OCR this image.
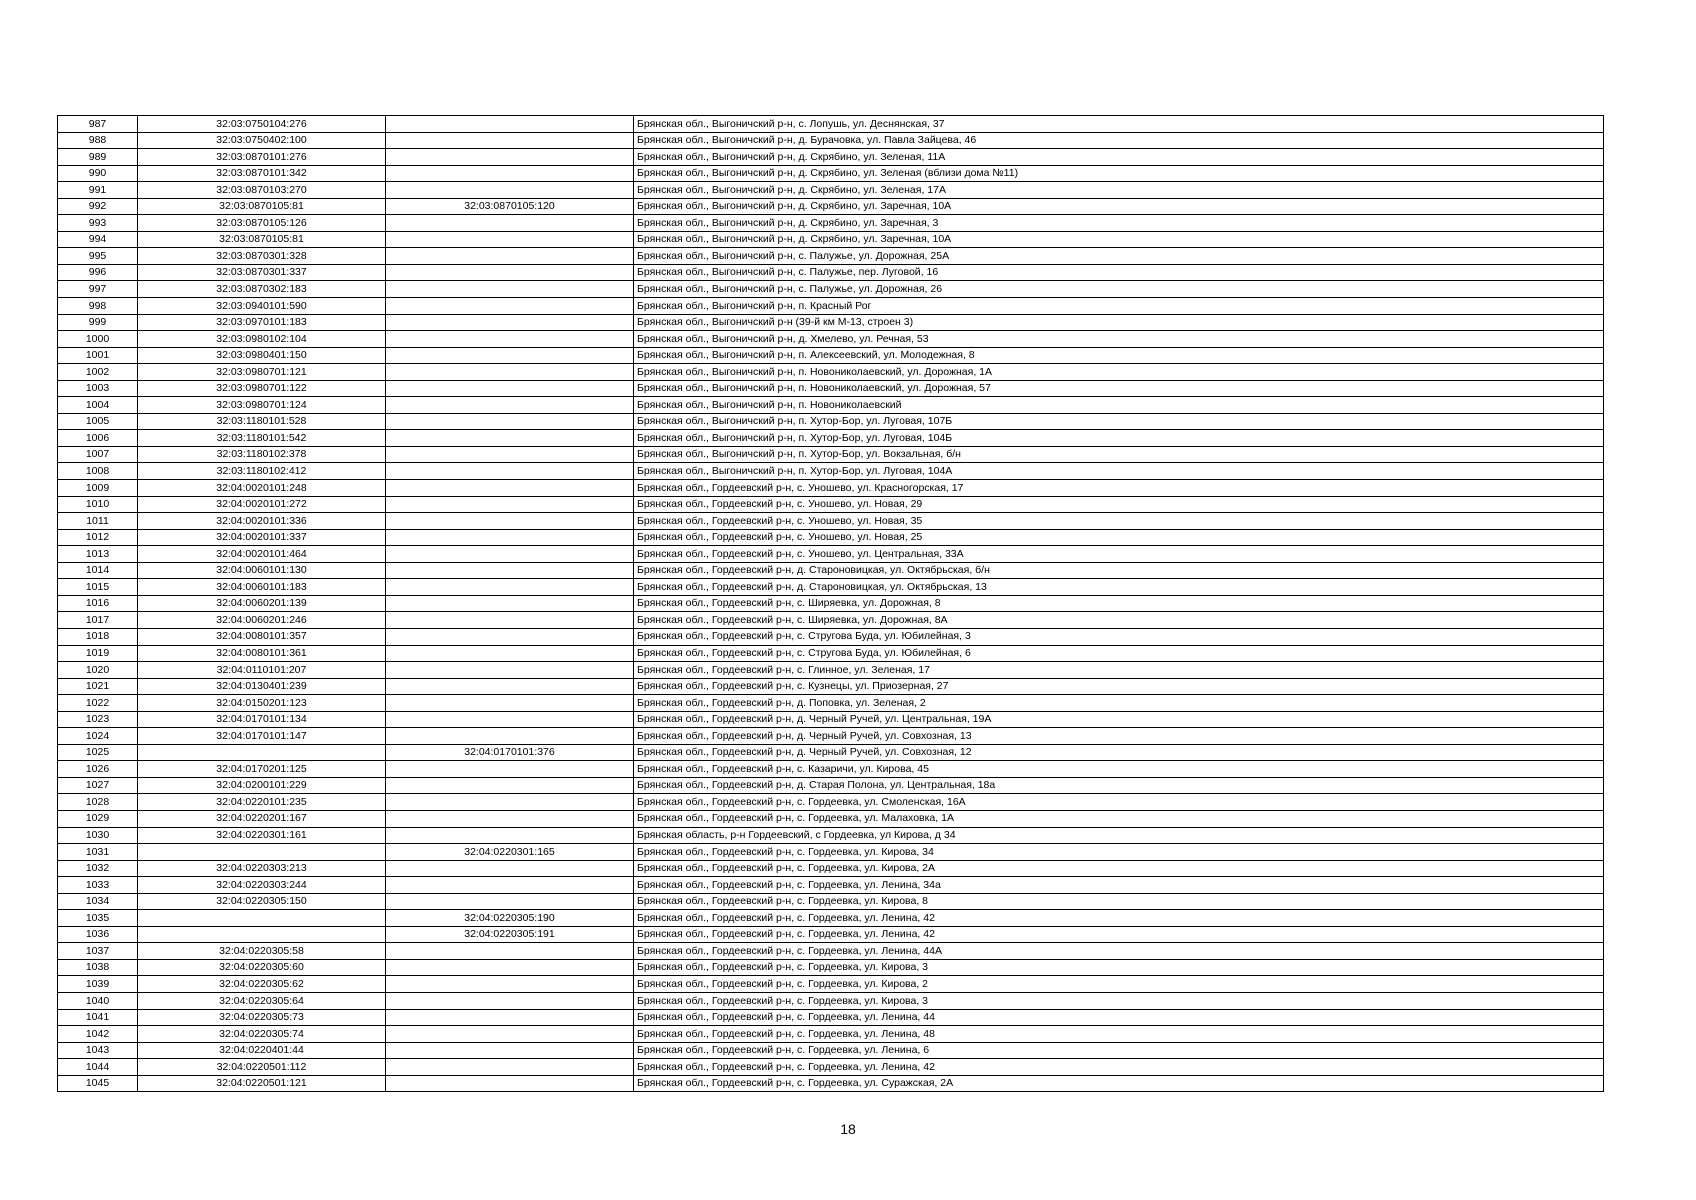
987	32:03:0750104:276		Брянская обл., Выгоничский р-н, с. Лопушь, ул. Деснянская, 37
988	32:03:0750402:100		Брянская обл., Выгоничский р-н, д. Бурачовка, ул. Павла Зайцева, 46
989	32:03:0870101:276		Брянская обл., Выгоничский р-н, д. Скрябино, ул. Зеленая, 11А
990	32:03:0870101:342		Брянская обл., Выгоничский р-н, д. Скрябино, ул. Зеленая (вблизи дома №11)
991	32:03:0870103:270		Брянская обл., Выгоничский р-н, д. Скрябино, ул. Зеленая, 17А
992	32:03:0870105:81	32:03:0870105:120	Брянская обл., Выгоничский р-н, д. Скрябино, ул. Заречная, 10А
993	32:03:0870105:126		Брянская обл., Выгоничский р-н, д. Скрябино, ул. Заречная, 3
994	32:03:0870105:81		Брянская обл., Выгоничский р-н, д. Скрябино, ул. Заречная, 10А
995	32:03:0870301:328		Брянская обл., Выгоничский р-н, с. Палужье, ул. Дорожная, 25А
996	32:03:0870301:337		Брянская обл., Выгоничский р-н, с. Палужье, пер. Луговой, 16
997	32:03:0870302:183		Брянская обл., Выгоничский р-н, с. Палужье, ул. Дорожная, 26
998	32:03:0940101:590		Брянская обл., Выгоничский р-н, п. Красный Рог
999	32:03:0970101:183		Брянская обл., Выгоничский р-н (39-й км М-13, строен 3)
1000	32:03:0980102:104		Брянская обл., Выгоничский р-н, д. Хмелево, ул. Речная, 53
1001	32:03:0980401:150		Брянская обл., Выгоничский р-н, п. Алексеевский, ул. Молодежная, 8
1002	32:03:0980701:121		Брянская обл., Выгоничский р-н, п. Новониколаевский, ул. Дорожная, 1А
1003	32:03:0980701:122		Брянская обл., Выгоничский р-н, п. Новониколаевский, ул. Дорожная, 57
1004	32:03:0980701:124		Брянская обл., Выгоничский р-н, п. Новониколаевский
1005	32:03:1180101:528		Брянская обл., Выгоничский р-н, п. Хутор-Бор, ул. Луговая, 107Б
1006	32:03:1180101:542		Брянская обл., Выгоничский р-н, п. Хутор-Бор, ул. Луговая, 104Б
1007	32:03:1180102:378		Брянская обл., Выгоничский р-н, п. Хутор-Бор, ул. Вокзальная, б/н
1008	32:03:1180102:412		Брянская обл., Выгоничский р-н, п. Хутор-Бор, ул. Луговая, 104А
1009	32:04:0020101:248		Брянская обл., Гордеевский р-н, с. Уношево, ул. Красногорская, 17
1010	32:04:0020101:272		Брянская обл., Гордеевский р-н, с. Уношево, ул. Новая, 29
1011	32:04:0020101:336		Брянская обл., Гордеевский р-н, с. Уношево, ул. Новая, 35
1012	32:04:0020101:337		Брянская обл., Гордеевский р-н, с. Уношево, ул. Новая, 25
1013	32:04:0020101:464		Брянская обл., Гордеевский р-н, с. Уношево, ул. Центральная, 33А
1014	32:04:0060101:130		Брянская обл., Гордеевский р-н, д. Староновицкая, ул. Октябрьская, б/н
1015	32:04:0060101:183		Брянская обл., Гордеевский р-н, д. Староновицкая, ул. Октябрьская, 13
1016	32:04:0060201:139		Брянская обл., Гордеевский р-н, с. Ширяевка, ул. Дорожная, 8
1017	32:04:0060201:246		Брянская обл., Гордеевский р-н, с. Ширяевка, ул. Дорожная, 8А
1018	32:04:0080101:357		Брянская обл., Гордеевский р-н, с. Стругова Буда, ул. Юбилейная, 3
1019	32:04:0080101:361		Брянская обл., Гордеевский р-н, с. Стругова Буда, ул. Юбилейная, 6
1020	32:04:0110101:207		Брянская обл., Гордеевский р-н, с. Глинное, ул. Зеленая, 17
1021	32:04:0130401:239		Брянская обл., Гордеевский р-н, с. Кузнецы, ул. Приозерная, 27
1022	32:04:0150201:123		Брянская обл., Гордеевский р-н, д. Поповка, ул. Зеленая, 2
1023	32:04:0170101:134		Брянская обл., Гордеевский р-н, д. Черный Ручей, ул. Центральная, 19А
1024	32:04:0170101:147		Брянская обл., Гордеевский р-н, д. Черный Ручей, ул. Совхозная, 13
1025		32:04:0170101:376	Брянская обл., Гордеевский р-н, д. Черный Ручей, ул. Совхозная, 12
1026	32:04:0170201:125		Брянская обл., Гордеевский р-н, с. Казаричи, ул. Кирова, 45
1027	32:04:0200101:229		Брянская обл., Гордеевский р-н, д. Старая Полона, ул. Центральная, 18а
1028	32:04:0220101:235		Брянская обл., Гордеевский р-н, с. Гордеевка, ул. Смоленская, 16А
1029	32:04:0220201:167		Брянская обл., Гордеевский р-н, с. Гордеевка, ул. Малаховка, 1А
1030	32:04:0220301:161		Брянская область, р-н Гордеевский, с Гордеевка, ул Кирова, д 34
1031		32:04:0220301:165	Брянская обл., Гордеевский р-н, с. Гордеевка, ул. Кирова, 34
1032	32:04:0220303:213		Брянская обл., Гордеевский р-н, с. Гордеевка, ул. Кирова, 2А
1033	32:04:0220303:244		Брянская обл., Гордеевский р-н, с. Гордеевка, ул. Ленина, 34а
1034	32:04:0220305:150		Брянская обл., Гордеевский р-н, с. Гордеевка, ул. Кирова, 8
1035		32:04:0220305:190	Брянская обл., Гордеевский р-н, с. Гордеевка, ул. Ленина, 42
1036		32:04:0220305:191	Брянская обл., Гордеевский р-н, с. Гордеевка, ул. Ленина, 42
1037	32:04:0220305:58		Брянская обл., Гордеевский р-н, с. Гордеевка, ул. Ленина, 44А
1038	32:04:0220305:60		Брянская обл., Гордеевский р-н, с. Гордеевка, ул. Кирова, 3
1039	32:04:0220305:62		Брянская обл., Гордеевский р-н, с. Гордеевка, ул. Кирова, 2
1040	32:04:0220305:64		Брянская обл., Гордеевский р-н, с. Гордеевка, ул. Кирова, 3
1041	32:04:0220305:73		Брянская обл., Гордеевский р-н, с. Гордеевка, ул. Ленина, 44
1042	32:04:0220305:74		Брянская обл., Гордеевский р-н, с. Гордеевка, ул. Ленина, 48
1043	32:04:0220401:44		Брянская обл., Гордеевский р-н, с. Гордеевка, ул. Ленина, 6
1044	32:04:0220501:112		Брянская обл., Гордеевский р-н, с. Гордеевка, ул. Ленина, 42
1045	32:04:0220501:121		Брянская обл., Гордеевский р-н, с. Гордеевка, ул. Суражская, 2А
18
